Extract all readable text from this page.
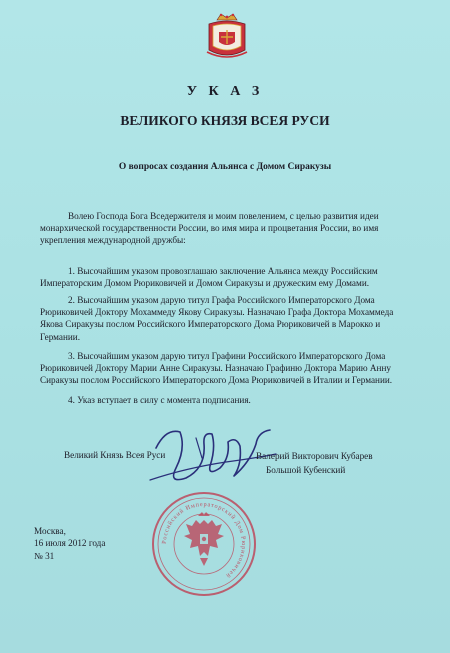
У К А З
ВЕЛИКОГО КНЯЗЯ ВСЕЯ РУСИ
О вопросах создания Альянса с Домом Сиракузы

Волею Господа Бога Вседержителя и моим повелением, с целью развития идеи
монархической государственности России, во имя мира и процветания России, во имя
укрепления международной дружбы:

1. Высочайшим указом провозглашаю заключение Альянса между Российским
Императорским Домом Рюриковичей и Домом Сиракузы и дружеским ему Домами.

2. Высочайшим указом дарую титул Графа Российского Императорского Дома
Рюриковичей Доктору Мохаммеду Якову Сиракузы. Назначаю Графа Доктора Мохаммеда
Якова Сиракузы послом Российского Императорского Дома Рюриковичей в Марокко и
Германии.

3. Высочайшим указом дарую титул Графини Российского Императорского Дома
Рюриковичей Доктору Марии Анне Сиракузы. Назначаю Графиню Доктора Марию Анну
Сиракузы послом Российского Императорского Дома Рюриковичей в Италии и Германии.

4. Указ вступает в силу с момента подписания.

Великий Князь Всея Руси	Валерий Викторович Кубарев
Большой Кубенский
Москва,
16 июля 2012 года
№ 31
Российский Императорский Дом Рюриковичей
